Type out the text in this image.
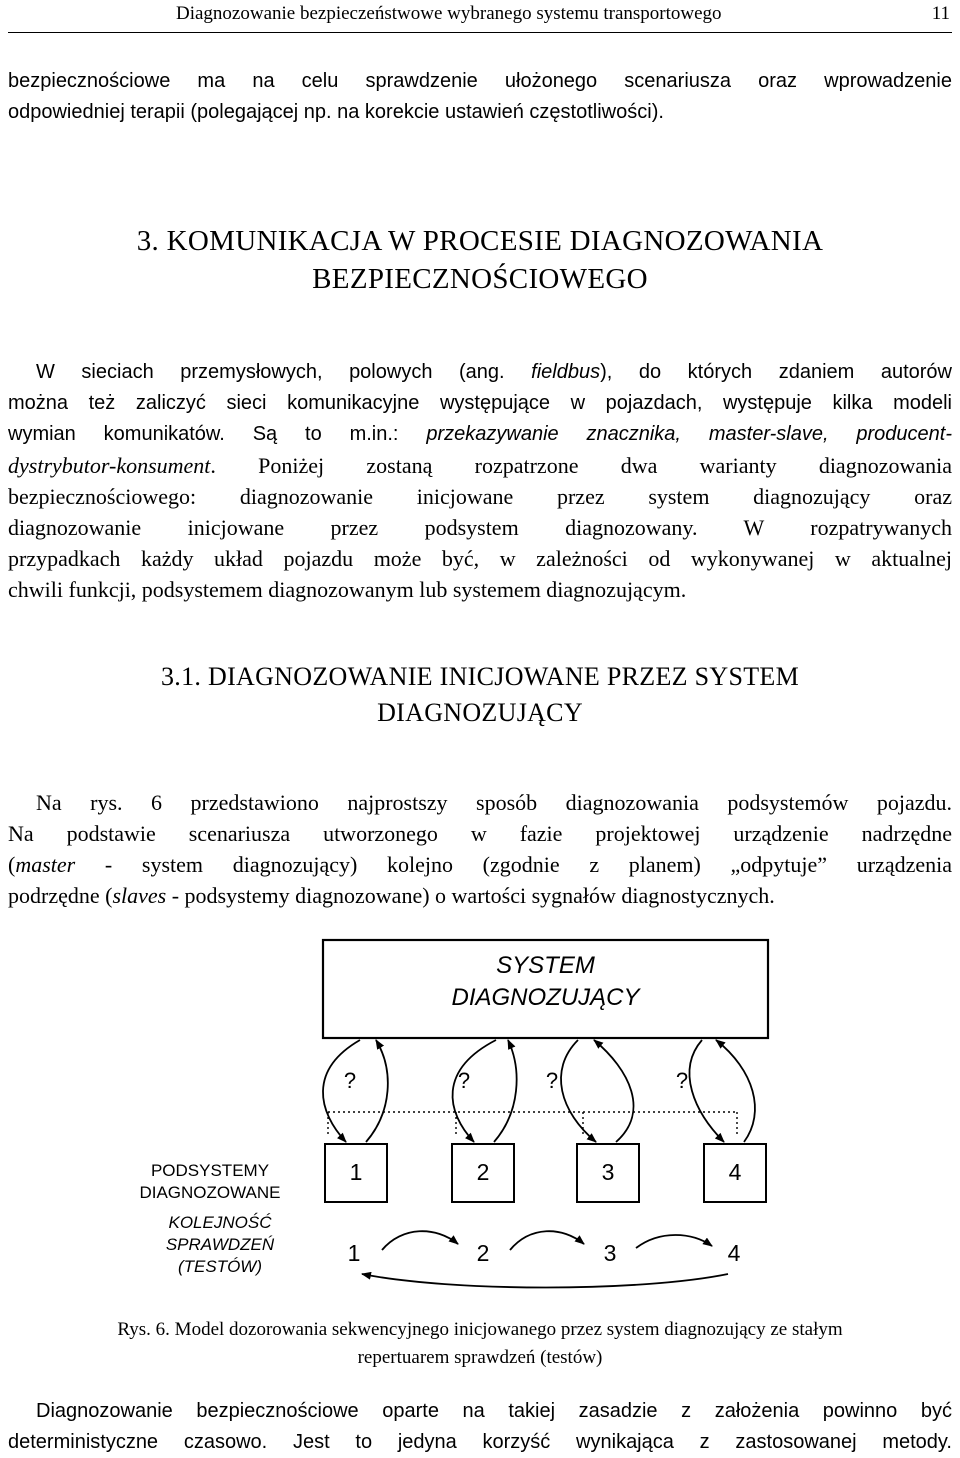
Diagnozowanie bezpieczeństwowe wybranego systemu transportowego	11
bezpiecznościowe ma na celu sprawdzenie ułożonego scenariusza oraz wprowadzenie
odpowiedniej terapii (polegającej np. na korekcie ustawień częstotliwości).
3. KOMUNIKACJA W PROCESIE DIAGNOZOWANIA
BEZPIECZNOŚCIOWEGO
W sieciach przemysłowych, polowych (ang. fieldbus), do których zdaniem autorów
można też zaliczyć sieci komunikacyjne występujące w pojazdach, występuje kilka modeli
wymian komunikatów. Są to m.in.: przekazywanie znacznika, master-slave, producent-
dystrybutor-konsument. Poniżej zostaną rozpatrzone dwa warianty diagnozowania
bezpiecznościowego: diagnozowanie inicjowane przez system diagnozujący oraz
diagnozowanie inicjowane przez podsystem diagnozowany. W rozpatrywanych
przypadkach każdy układ pojazdu może być, w zależności od wykonywanej w aktualnej
chwili funkcji, podsystemem diagnozowanym lub systemem diagnozującym.
3.1. DIAGNOZOWANIE INICJOWANE PRZEZ SYSTEM
DIAGNOZUJĄCY
Na rys. 6 przedstawiono najprostszy sposób diagnozowania podsystemów pojazdu.
Na podstawie scenariusza utworzonego w fazie projektowej urządzenie nadrzędne
(master - system diagnozujący) kolejno (zgodnie z planem) „odpytuje” urządzenia
podrzędne (slaves - podsystemy diagnozowane) o wartości sygnałów diagnostycznych.
SYSTEM
DIAGNOZUJĄCY
?	?	?	?
PODSYSTEMY
DIAGNOZOWANE
KOLEJNOŚĆ
SPRAWDZEŃ
(TESTÓW)
1	2	3	4
1	2	3	4
Rys. 6. Model dozorowania sekwencyjnego inicjowanego przez system diagnozujący ze stałym
repertuarem sprawdzeń (testów)
Diagnozowanie bezpiecznościowe oparte na takiej zasadzie z założenia powinno być
deterministyczne czasowo. Jest to jedyna korzyść wynikająca z zastosowanej metody.
